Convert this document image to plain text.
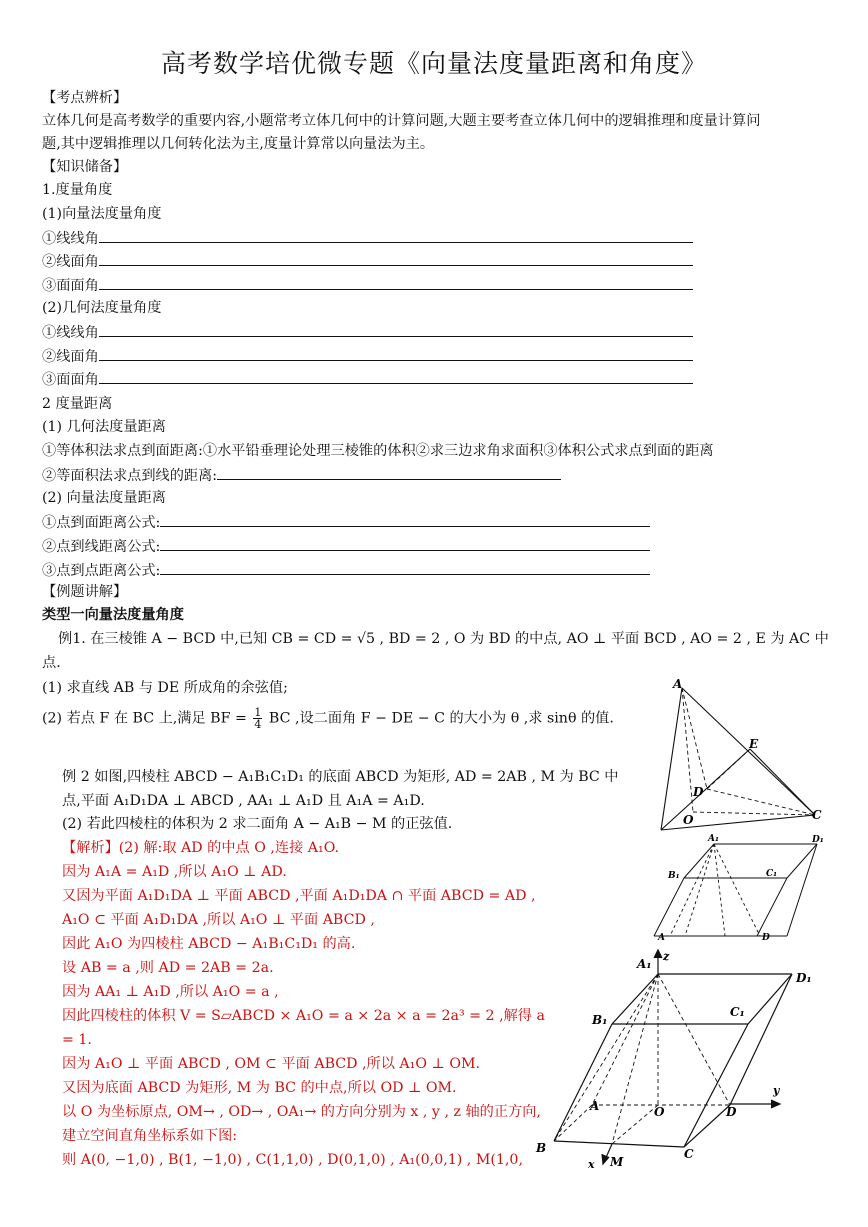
高考数学培优微专题《向量法度量距离和角度》
【考点辨析】
立体几何是高考数学的重要内容,小题常考立体几何中的计算问题,大题主要考查立体几何中的逻辑推理和度量计算问
题,其中逻辑推理以几何转化法为主,度量计算常以向量法为主。
【知识储备】
1.度量角度
(1)向量法度量角度
①线线角
②线面角
③面面角
(2)几何法度量角度
①线线角
②线面角
③面面角
2 度量距离
(1) 几何法度量距离
①等体积法求点到面距离:①水平铅垂理论处理三棱锥的体积②求三边求角求面积③体积公式求点到面的距离
②等面积法求点到线的距离:
(2) 向量法度量距离
①点到面距离公式:
②点到线距离公式:
③点到点距离公式:
【例题讲解】
类型一向量法度量角度
例1. 在三棱锥 A − BCD 中,已知 CB = CD = √5 , BD = 2 , O 为 BD 的中点, AO ⊥ 平面 BCD , AO = 2 , E 为 AC 中
点.
(1) 求直线 AB 与 DE 所成角的余弦值;
(2) 若点 F 在 BC 上,满足 BF = $\frac{1}{4}$ BC ,设二面角 F − DE − C 的大小为 θ ,求 sinθ 的值.
例 2 如图,四棱柱 ABCD − A₁B₁C₁D₁ 的底面 ABCD 为矩形, AD = 2AB , M 为 BC 中
点,平面 A₁D₁DA ⊥ ABCD , AA₁ ⊥ A₁D 且 A₁A = A₁D.
(2) 若此四棱柱的体积为 2 求二面角 A − A₁B − M 的正弦值.
【解析】(2) 解:取 AD 的中点 O ,连接 A₁O.
因为 A₁A = A₁D ,所以 A₁O ⊥ AD.
又因为平面 A₁D₁DA ⊥ 平面 ABCD ,平面 A₁D₁DA ∩ 平面 ABCD = AD ,
A₁O ⊂ 平面 A₁D₁DA ,所以 A₁O ⊥ 平面 ABCD ,
因此 A₁O 为四棱柱 ABCD − A₁B₁C₁D₁ 的高.
设 AB = a ,则 AD = 2AB = 2a.
因为 AA₁ ⊥ A₁D ,所以 A₁O = a ,
因此四棱柱的体积 V = S▱ABCD × A₁O = a × 2a × a = 2a³ = 2 ,解得 a
= 1.
因为 A₁O ⊥ 平面 ABCD , OM ⊂ 平面 ABCD ,所以 A₁O ⊥ OM.
又因为底面 ABCD 为矩形, M 为 BC 的中点,所以 OD ⊥ OM.
以 O 为坐标原点, OM→ , OD→ , OA₁→ 的方向分别为 x , y , z 轴的正方向,
建立空间直角坐标系如下图:
则 A(0, −1,0) , B(1, −1,0) , C(1,1,0) , D(0,1,0) , A₁(0,0,1) , M(1,0,
A
E
D
O	C
A₁	D₁
B₁	C₁
A	D
A₁
z
D₁
B₁
C₁
y
A	O	D
B
x M
C
